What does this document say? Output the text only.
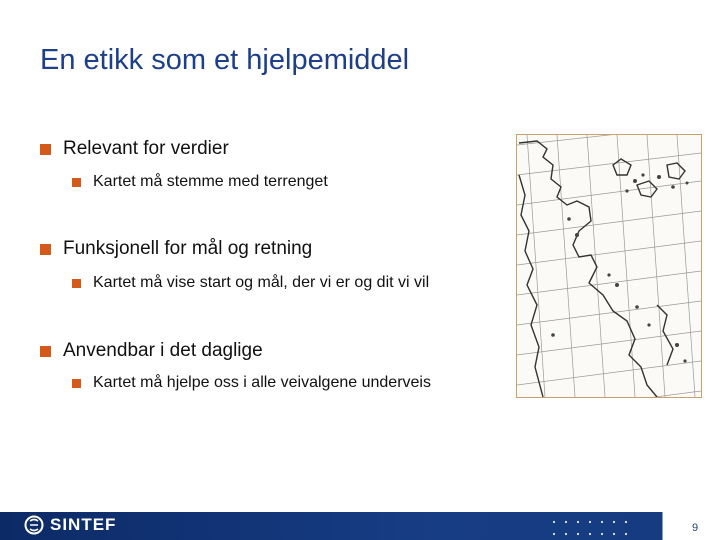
En etikk som et hjelpemiddel
Relevant for verdier
Kartet må stemme med terrenget
Funksjonell for mål og retning
Kartet må vise start og mål, der vi er og dit vi vil
Anvendbar i det daglige
Kartet må hjelpe oss i alle veivalgene underveis
SINTEF	9
